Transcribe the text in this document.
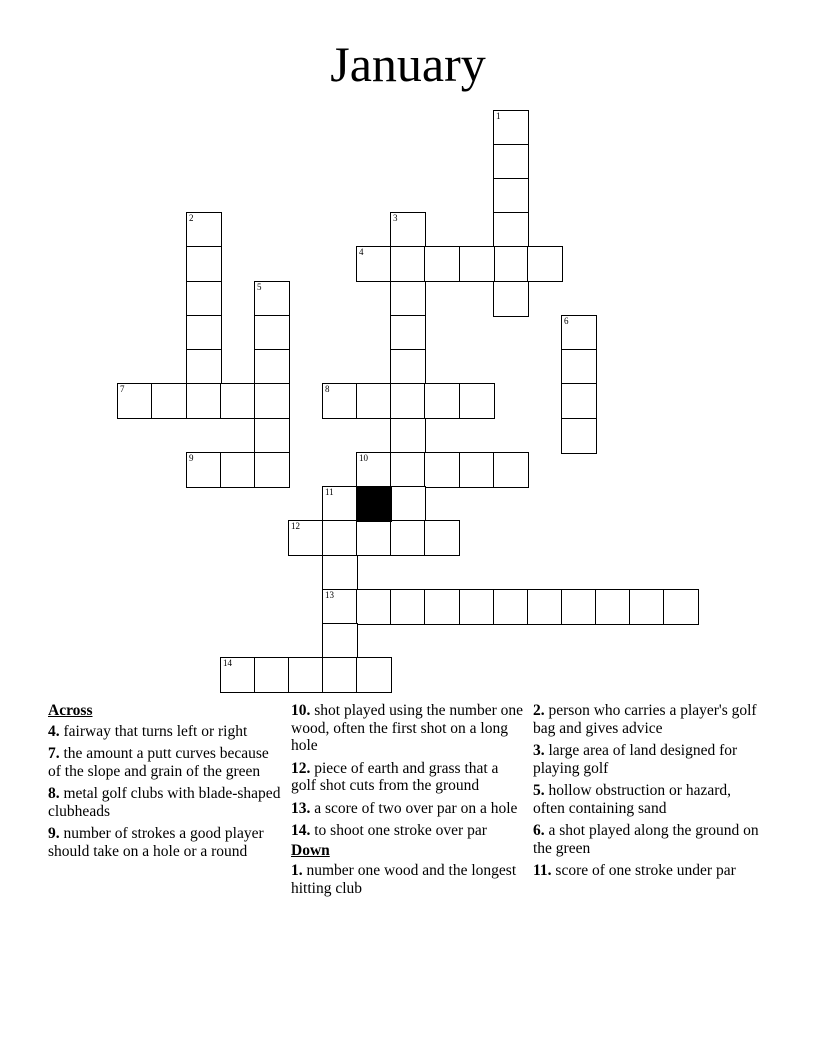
January
1
2	3
4
5
6
7	8
9	10
11
12
13
14
Across
4. fairway that turns left or right
7. the amount a putt curves because of the slope and grain of the green
8. metal golf clubs with blade-shaped clubheads
9. number of strokes a good player should take on a hole or a round
10. shot played using the number one wood, often the first shot on a long hole
12. piece of earth and grass that a golf shot cuts from the ground
13. a score of two over par on a hole
14. to shoot one stroke over par
Down
1. number one wood and the longest hitting club
2. person who carries a player's golf bag and gives advice
3. large area of land designed for playing golf
5. hollow obstruction or hazard, often containing sand
6. a shot played along the ground on the green
11. score of one stroke under par
